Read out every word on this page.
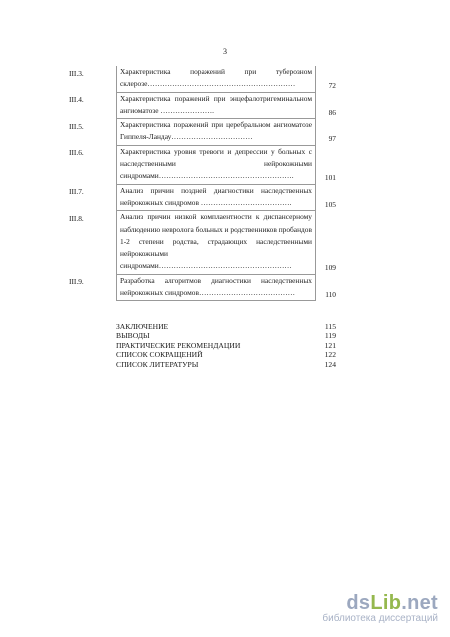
3
III.3.	Характеристика поражений при туберозном склерозе……………………………………………………	72
III.4.	Характеристика поражений при энцефалотригеминальном ангиоматозе ………………….	86
III.5.	Характеристика поражений при церебральном ангиоматозе Гиппеля-Ландау……………………………	97
III.6.	Характеристика уровня тревоги и депрессии у больных с наследственными нейрокожными синдромами……………………………………………….	101
III.7.	Анализ причин поздней диагностики наследственных нейрокожных синдромов ……………………………….	105
III.8.	Анализ причин низкой комплаентности к диспансерному наблюдению невролога больных и родственников пробандов 1-2 степени родства, страдающих наследственными нейрокожными синдромами………………………………………………	109
III.9.	Разработка алгоритмов диагностики наследственных нейрокожных синдромов…………………………………	110
ЗАКЛЮЧЕНИЕ	115
ВЫВОДЫ	119
ПРАКТИЧЕСКИЕ РЕКОМЕНДАЦИИ	121
СПИСОК СОКРАЩЕНИЙ	122
СПИСОК ЛИТЕРАТУРЫ	124
dsLib.net
библиотека диссертаций
